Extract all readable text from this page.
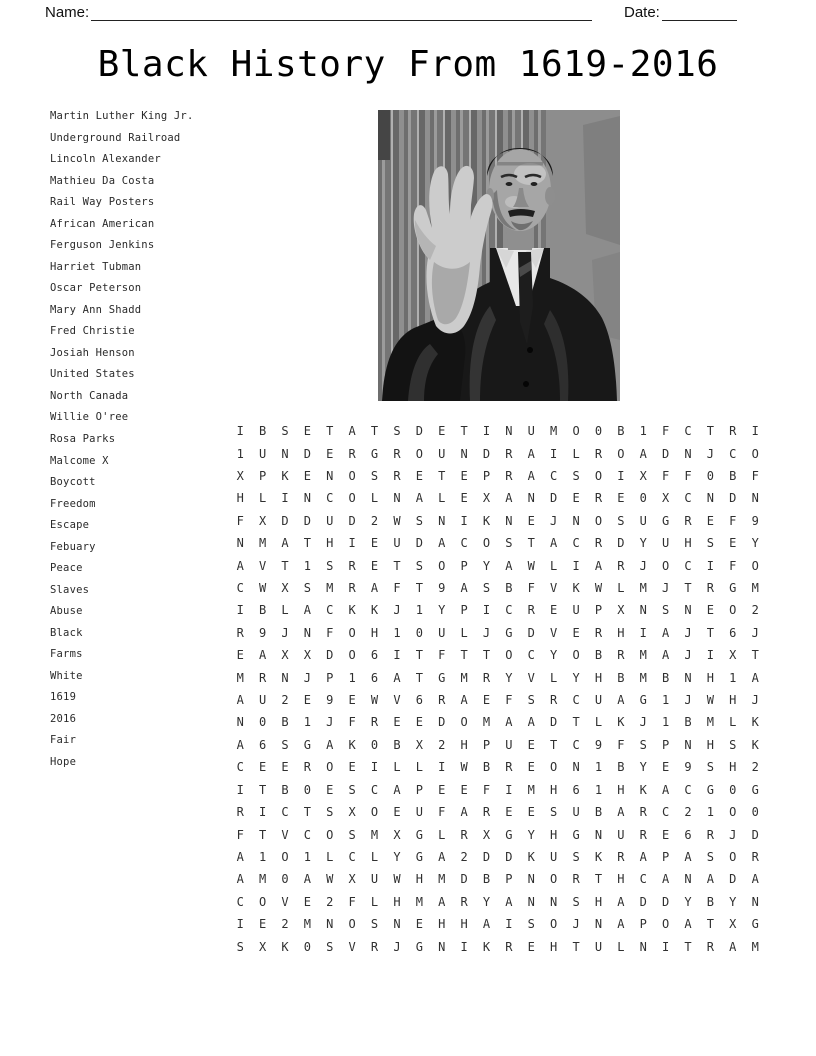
Name:	Date:
Black History From 1619-2016
Martin Luther King Jr.
Underground Railroad
Lincoln Alexander
Mathieu Da Costa
Rail Way Posters
African American
Ferguson Jenkins
Harriet Tubman
Oscar Peterson
Mary Ann Shadd
Fred Christie
Josiah Henson
United States
North Canada
Willie O'ree
Rosa Parks
Malcome X
Boycott
Freedom
Escape
Febuary
Peace
Slaves
Abuse
Black
Farms
White
1619
2016
Fair
Hope
I	B	S	E	T	A	T	S	D	E	T	I	N	U	M	O	0	B	1	F	C	T	R	I
1	U	N	D	E	R	G	R	O	U	N	D	R	A	I	L	R	O	A	D	N	J	C	O
X	P	K	E	N	O	S	R	E	T	E	P	R	A	C	S	O	I	X	F	F	0	B	F
H	L	I	N	C	O	L	N	A	L	E	X	A	N	D	E	R	E	0	X	C	N	D	N
F	X	D	D	U	D	2	W	S	N	I	K	N	E	J	N	O	S	U	G	R	E	F	9
N	M	A	T	H	I	E	U	D	A	C	O	S	T	A	C	R	D	Y	U	H	S	E	Y
A	V	T	1	S	R	E	T	S	O	P	Y	A	W	L	I	A	R	J	O	C	I	F	O
C	W	X	S	M	R	A	F	T	9	A	S	B	F	V	K	W	L	M	J	T	R	G	M
I	B	L	A	C	K	K	J	1	Y	P	I	C	R	E	U	P	X	N	S	N	E	O	2
R	9	J	N	F	O	H	1	0	U	L	J	G	D	V	E	R	H	I	A	J	T	6	J
E	A	X	X	D	O	6	I	T	F	T	T	O	C	Y	O	B	R	M	A	J	I	X	T
M	R	N	J	P	1	6	A	T	G	M	R	Y	V	L	Y	H	B	M	B	N	H	1	A
A	U	2	E	9	E	W	V	6	R	A	E	F	S	R	C	U	A	G	1	J	W	H	J
N	0	B	1	J	F	R	E	E	D	O	M	A	A	D	T	L	K	J	1	B	M	L	K
A	6	S	G	A	K	0	B	X	2	H	P	U	E	T	C	9	F	S	P	N	H	S	K
C	E	E	R	O	E	I	L	L	I	W	B	R	E	O	N	1	B	Y	E	9	S	H	2
I	T	B	0	E	S	C	A	P	E	E	F	I	M	H	6	1	H	K	A	C	G	0	G
R	I	C	T	S	X	O	E	U	F	A	R	E	E	S	U	B	A	R	C	2	1	O	0
F	T	V	C	O	S	M	X	G	L	R	X	G	Y	H	G	N	U	R	E	6	R	J	D
A	1	O	1	L	C	L	Y	G	A	2	D	D	K	U	S	K	R	A	P	A	S	O	R
A	M	0	A	W	X	U	W	H	M	D	B	P	N	O	R	T	H	C	A	N	A	D	A
C	O	V	E	2	F	L	H	M	A	R	Y	A	N	N	S	H	A	D	D	Y	B	Y	N
I	E	2	M	N	O	S	N	E	H	H	A	I	S	O	J	N	A	P	O	A	T	X	G
S	X	K	0	S	V	R	J	G	N	I	K	R	E	H	T	U	L	N	I	T	R	A	M
